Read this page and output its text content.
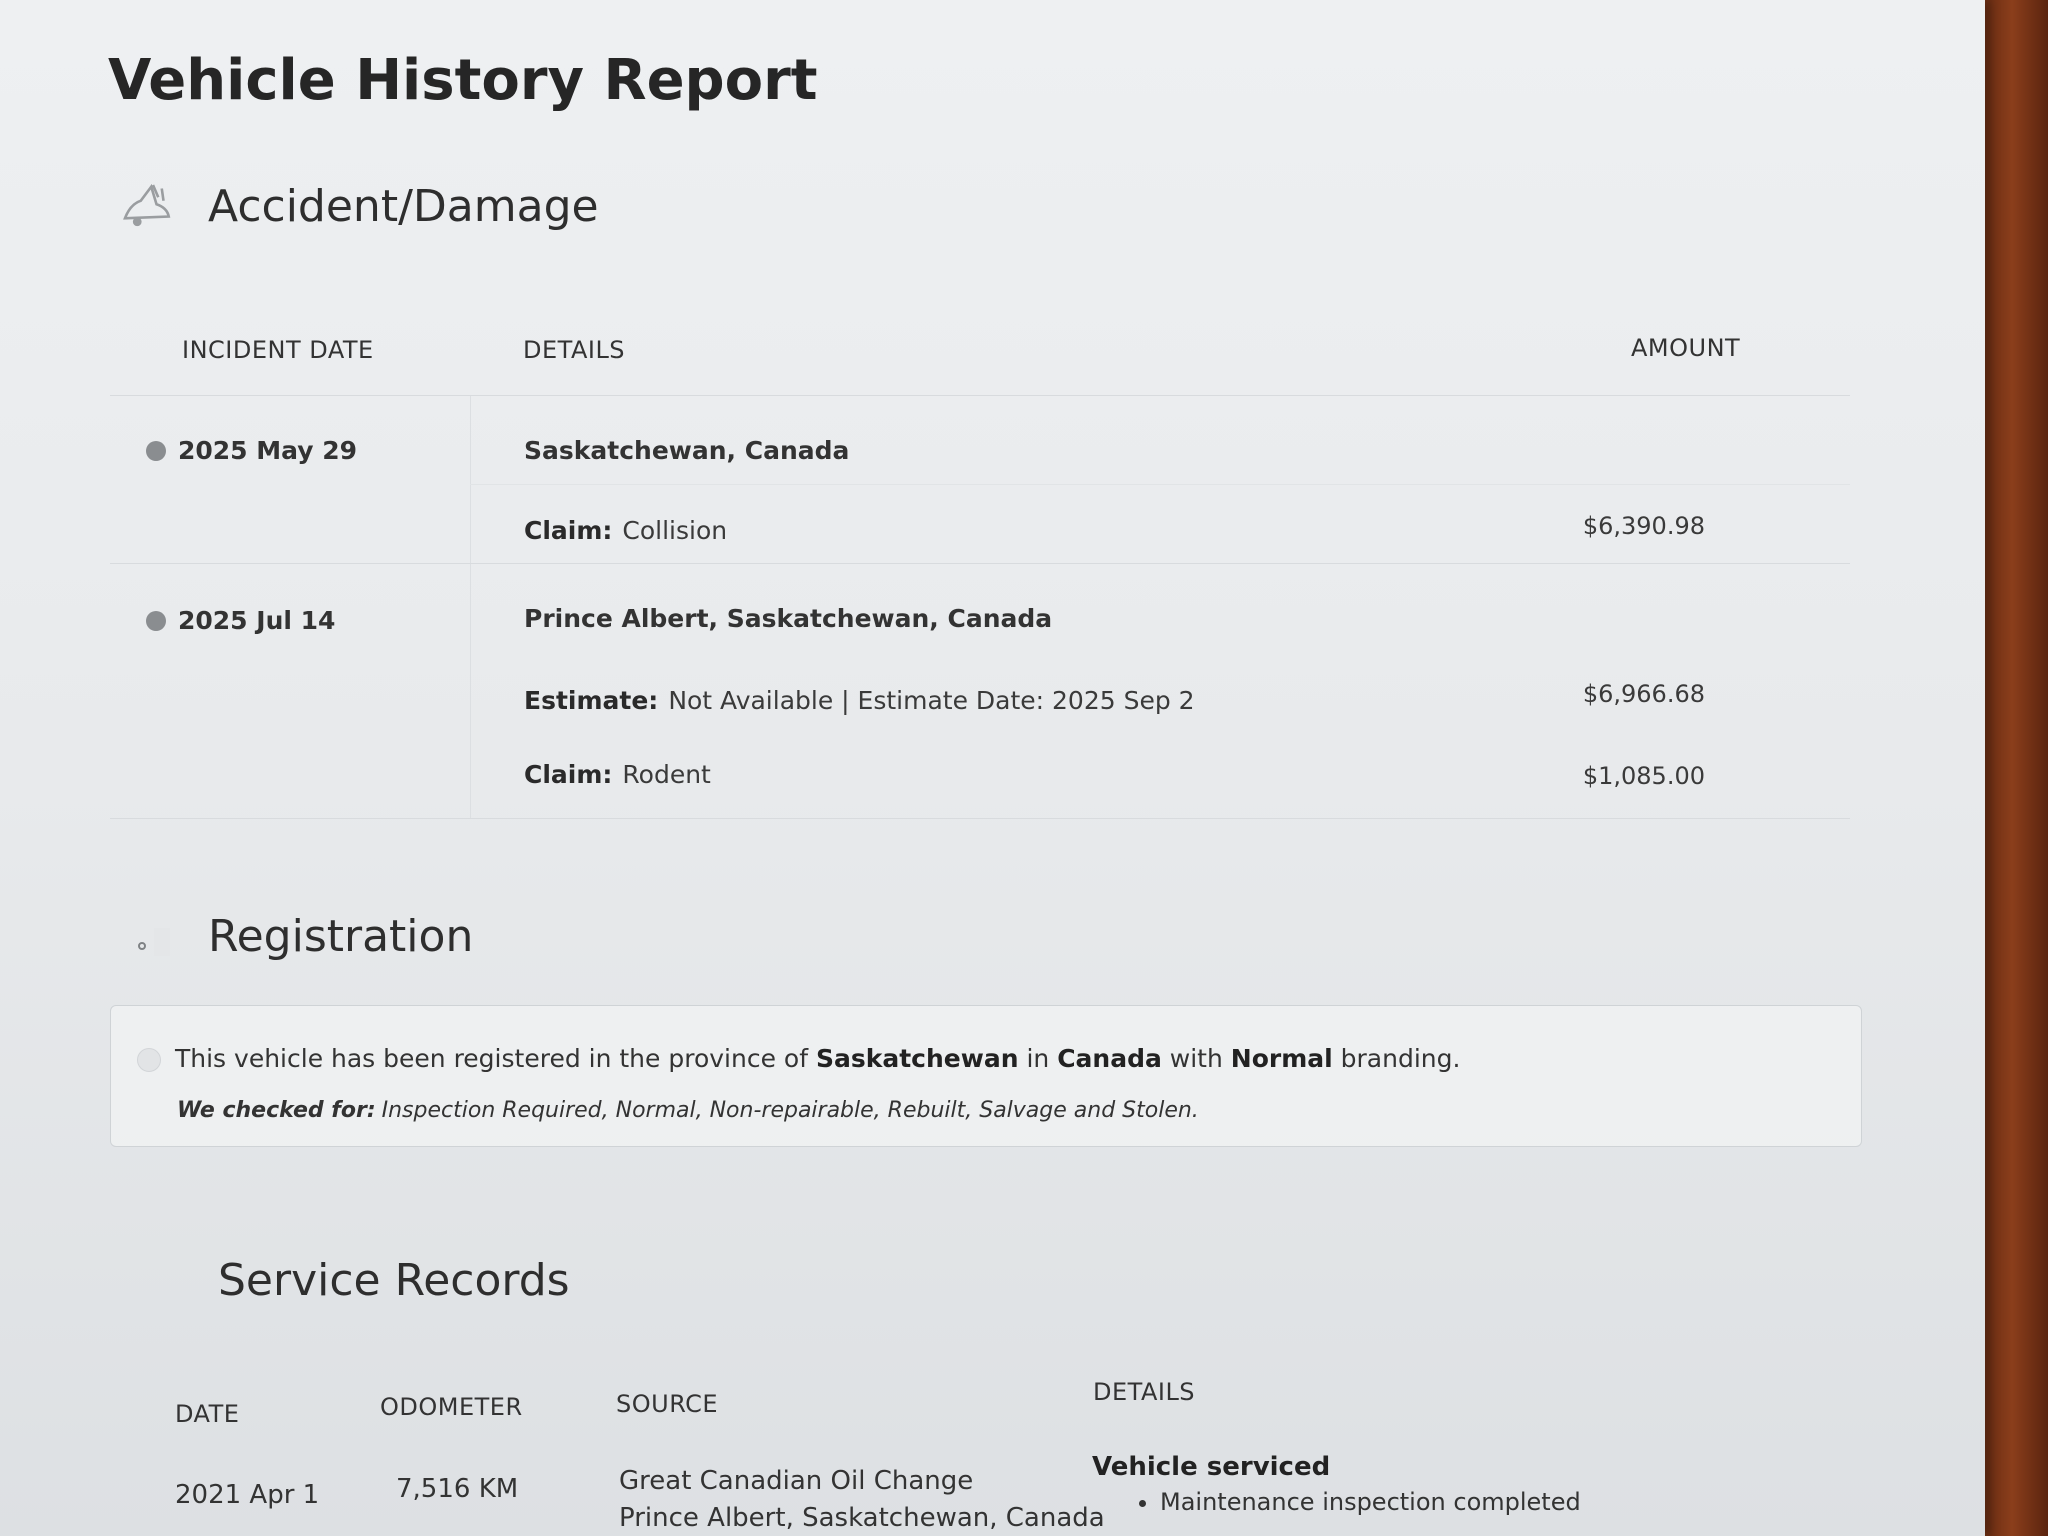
Vehicle History Report
Accident/Damage
INCIDENT DATE	DETAILS	AMOUNT
2025 May 29	Saskatchewan, Canada
Claim: Collision	$6,390.98
2025 Jul 14	Prince Albert, Saskatchewan, Canada
Estimate: Not Available | Estimate Date: 2025 Sep 2	$6,966.68
Claim: Rodent	$1,085.00
Registration
This vehicle has been registered in the province of Saskatchewan in Canada with Normal branding.
We checked for: Inspection Required, Normal, Non-repairable, Rebuilt, Salvage and Stolen.
Service Records
DATE	ODOMETER	SOURCE	DETAILS
2021 Apr 1	7,516 KM	Great Canadian Oil Change
Prince Albert, Saskatchewan, Canada
Vehicle serviced
• Maintenance inspection completed
